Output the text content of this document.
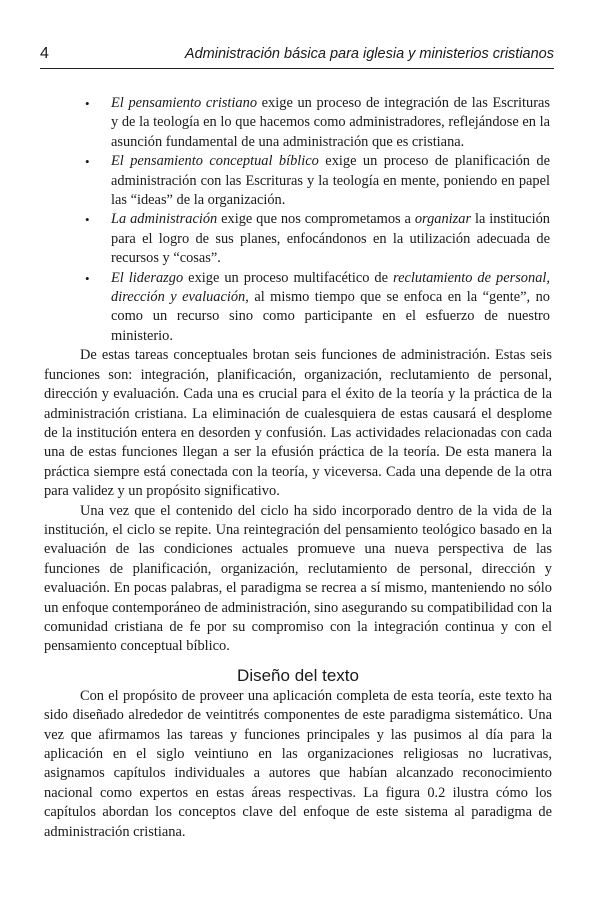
4	Administración básica para iglesia y ministerios cristianos
• El pensamiento cristiano exige un proceso de integración de las Escrituras y de la teología en lo que hacemos como administradores, reflejándose en la asunción fundamental de una administración que es cristiana.
• El pensamiento conceptual bíblico exige un proceso de planificación de administración con las Escrituras y la teología en mente, poniendo en papel las “ideas” de la organización.
• La administración exige que nos comprometamos a organizar la institución para el logro de sus planes, enfocándonos en la utilización adecuada de recursos y “cosas”.
• El liderazgo exige un proceso multifacético de reclutamiento de personal, dirección y evaluación, al mismo tiempo que se enfoca en la “gente”, no como un recurso sino como participante en el esfuerzo de nuestro ministerio.

De estas tareas conceptuales brotan seis funciones de administración. Estas seis funciones son: integración, planificación, organización, reclutamiento de personal, dirección y evaluación. Cada una es crucial para el éxito de la teoría y la práctica de la administración cristiana. La eliminación de cualesquiera de estas causará el desplome de la institución entera en desorden y confusión. Las actividades relacionadas con cada una de estas funciones llegan a ser la efusión práctica de la teoría. De esta manera la práctica siempre está conectada con la teoría, y viceversa. Cada una depende de la otra para validez y un propósito significativo.

Una vez que el contenido del ciclo ha sido incorporado dentro de la vida de la institución, el ciclo se repite. Una reintegración del pensamiento teológico basado en la evaluación de las condiciones actuales promueve una nueva perspectiva de las funciones de planificación, organización, reclutamiento de personal, dirección y evaluación. En pocas palabras, el paradigma se recrea a sí mismo, manteniendo no sólo un enfoque contemporáneo de administración, sino asegurando su compatibilidad con la comunidad cristiana de fe por su compromiso con la integración continua y con el pensamiento conceptual bíblico.

Diseño del texto

Con el propósito de proveer una aplicación completa de esta teoría, este texto ha sido diseñado alrededor de veintitrés componentes de este paradigma sistemático. Una vez que afirmamos las tareas y funciones principales y las pusimos al día para la aplicación en el siglo veintiuno en las organizaciones religiosas no lucrativas, asignamos capítulos individuales a autores que habían alcanzado reconocimiento nacional como expertos en estas áreas respectivas. La figura 0.2 ilustra cómo los capítulos abordan los conceptos clave del enfoque de este sistema al paradigma de administración cristiana.
